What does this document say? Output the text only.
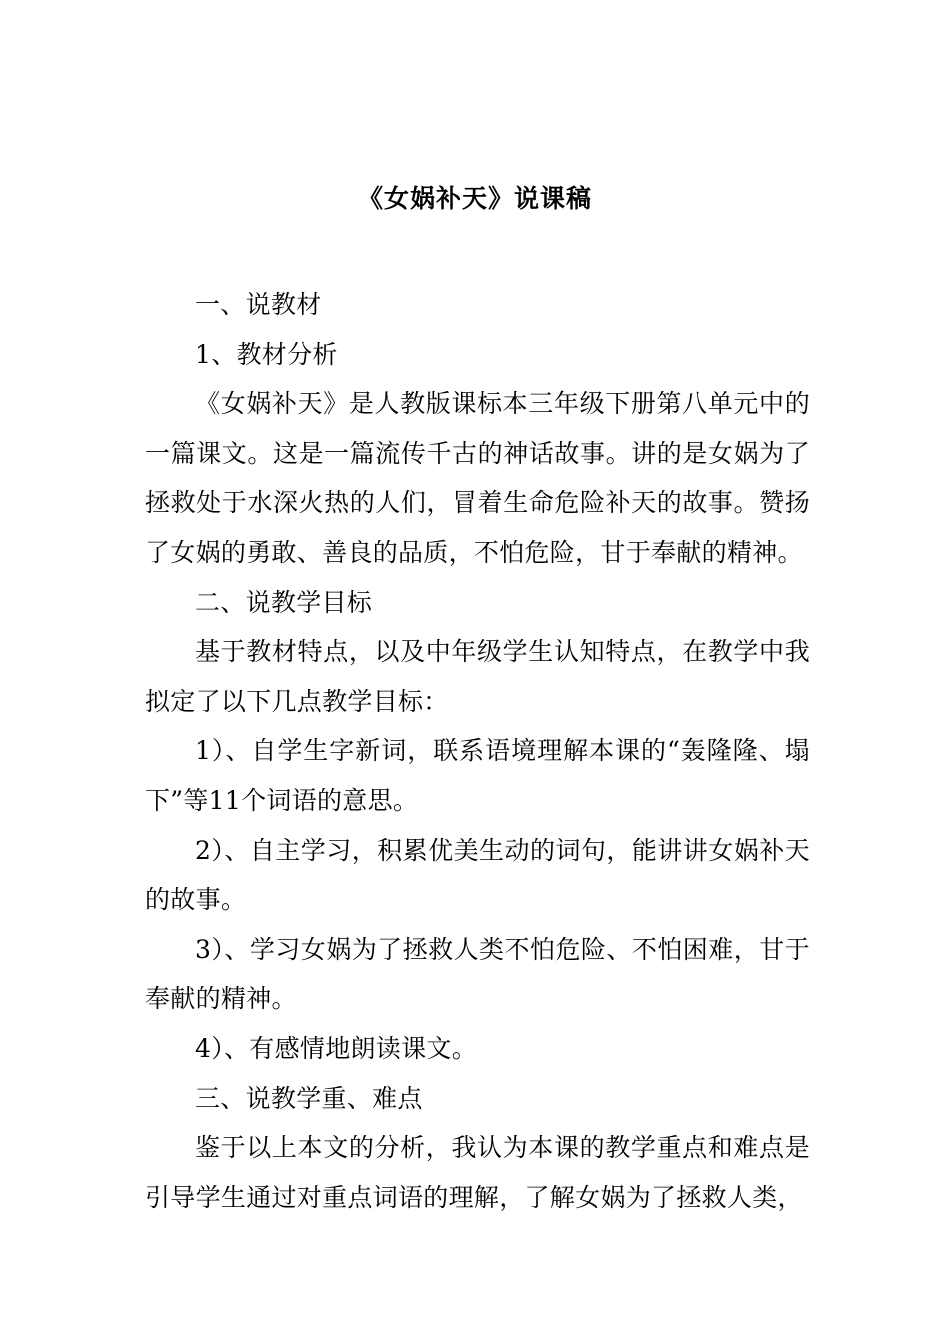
《女娲补天》说课稿

一、说教材

1、教材分析

《女娲补天》是人教版课标本三年级下册第八单元中的一篇课文。这是一篇流传千古的神话故事。讲的是女娲为了拯救处于水深火热的人们，冒着生命危险补天的故事。赞扬了女娲的勇敢、善良的品质，不怕危险，甘于奉献的精神。

二、说教学目标

基于教材特点，以及中年级学生认知特点，在教学中我拟定了以下几点教学目标：

1）、自学生字新词，联系语境理解本课的“轰隆隆、塌下”等11个词语的意思。

2）、自主学习，积累优美生动的词句，能讲讲女娲补天的故事。

3）、学习女娲为了拯救人类不怕危险、不怕困难，甘于奉献的精神。

4）、有感情地朗读课文。

三、说教学重、难点

鉴于以上本文的分析，我认为本课的教学重点和难点是引导学生通过对重点词语的理解，了解女娲为了拯救人类，
